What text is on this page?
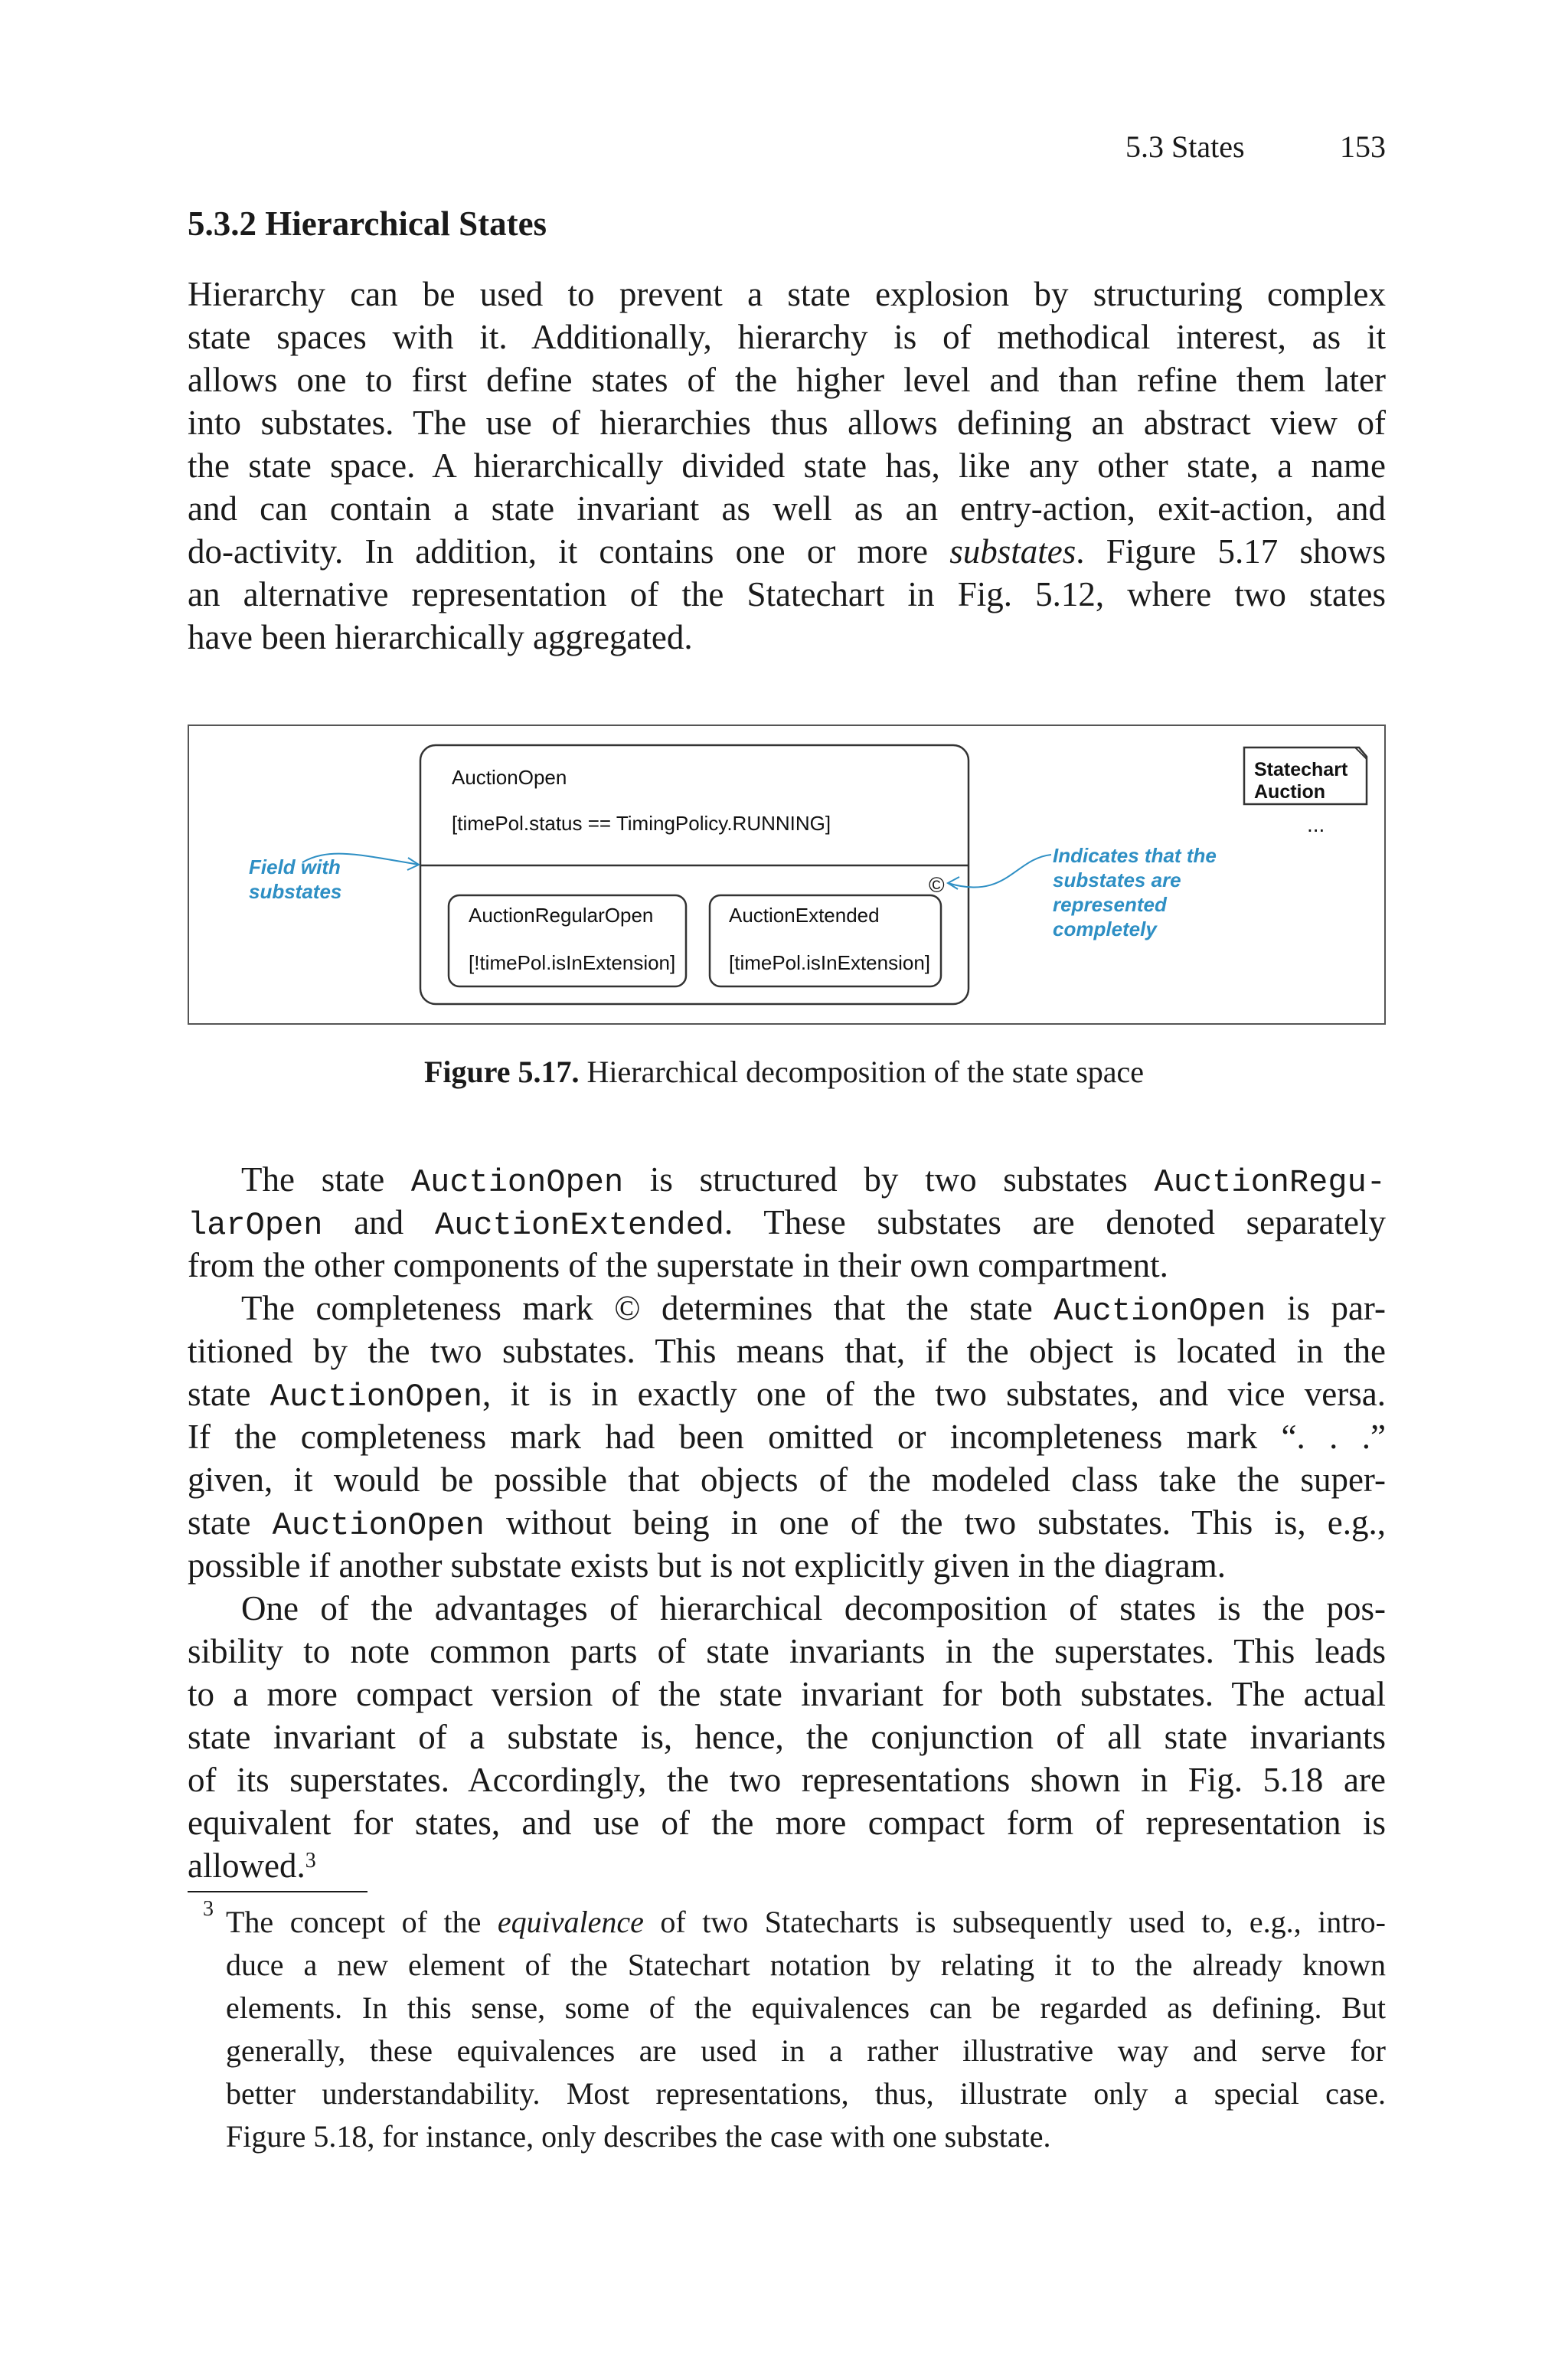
5.3 States	153
5.3.2 Hierarchical States
Hierarchy can be used to prevent a state explosion by structuring complex
state spaces with it. Additionally, hierarchy is of methodical interest, as it
allows one to first define states of the higher level and than refine them later
into substates. The use of hierarchies thus allows defining an abstract view of
the state space. A hierarchically divided state has, like any other state, a name
and can contain a state invariant as well as an entry-action, exit-action, and
do-activity. In addition, it contains one or more substates. Figure 5.17 shows
an alternative representation of the Statechart in Fig. 5.12, where two states
have been hierarchically aggregated.
AuctionOpen
[timePol.status == TimingPolicy.RUNNING]
©
AuctionRegularOpen
[!timePol.isInExtension]
AuctionExtended
[timePol.isInExtension]
Field with
substates
Indicates that the
substates are
represented
completely
Statechart
Auction
...
Figure 5.17. Hierarchical decomposition of the state space
The state AuctionOpen is structured by two substates AuctionRegu-
larOpen and AuctionExtended. These substates are denoted separately
from the other components of the superstate in their own compartment.
The completeness mark © determines that the state AuctionOpen is par-
titioned by the two substates. This means that, if the object is located in the
state AuctionOpen, it is in exactly one of the two substates, and vice versa.
If the completeness mark had been omitted or incompleteness mark “. . .”
given, it would be possible that objects of the modeled class take the super-
state AuctionOpen without being in one of the two substates. This is, e.g.,
possible if another substate exists but is not explicitly given in the diagram.
One of the advantages of hierarchical decomposition of states is the pos-
sibility to note common parts of state invariants in the superstates. This leads
to a more compact version of the state invariant for both substates. The actual
state invariant of a substate is, hence, the conjunction of all state invariants
of its superstates. Accordingly, the two representations shown in Fig. 5.18 are
equivalent for states, and use of the more compact form of representation is
allowed.$^3$
3 The concept of the equivalence of two Statecharts is subsequently used to, e.g., intro-
duce a new element of the Statechart notation by relating it to the already known
elements. In this sense, some of the equivalences can be regarded as defining. But
generally, these equivalences are used in a rather illustrative way and serve for
better understandability. Most representations, thus, illustrate only a special case.
Figure 5.18, for instance, only describes the case with one substate.
